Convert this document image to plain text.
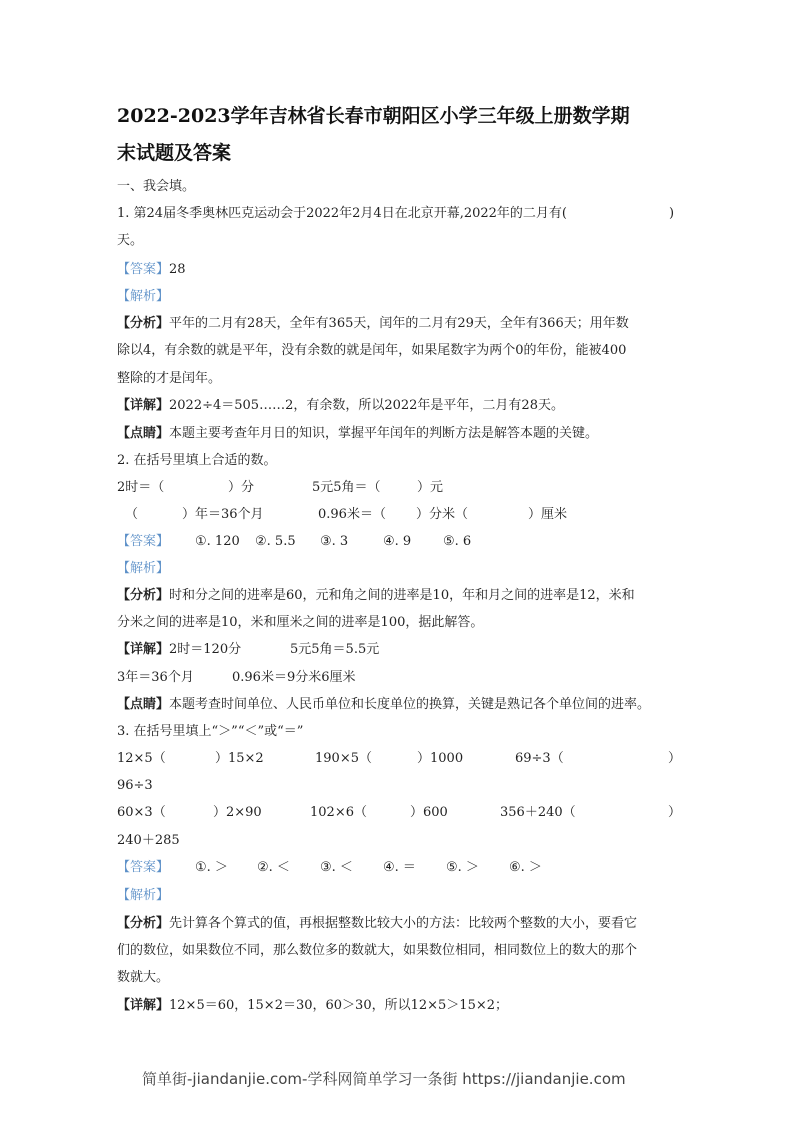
2022-2023学年吉林省长春市朝阳区小学三年级上册数学期
末试题及答案
一、我会填。
1. 第24届冬季奥林匹克运动会于2022年2月4日在北京开幕,2022年的二月有(	)
天。
【答案】28
【解析】
【分析】平年的二月有28天，全年有365天，闰年的二月有29天，全年有366天；用年数
除以4，有余数的就是平年，没有余数的就是闰年，如果尾数字为两个0的年份，能被400
整除的才是闰年。
【详解】2022÷4＝505……2，有余数，所以2022年是平年，二月有28天。
【点睛】本题主要考查年月日的知识，掌握平年闰年的判断方法是解答本题的关键。
2. 在括号里填上合适的数。
2时＝（	）分	5元5角＝（	）元
（	）年＝36个月	0.96米＝（ ）分米（	）厘米
【答案】 ①. 120 ②. 5.5 ③. 3	④. 9 ⑤. 6
【解析】
【分析】时和分之间的进率是60，元和角之间的进率是10，年和月之间的进率是12，米和
分米之间的进率是10，米和厘米之间的进率是100，据此解答。
【详解】2时＝120分	5元5角＝5.5元
3年＝36个月	0.96米＝9分米6厘米
【点睛】本题考查时间单位、人民币单位和长度单位的换算，关键是熟记各个单位间的进率。
3. 在括号里填上“＞”“＜”或“＝”
12×5（	）15×2	190×5（	）1000	69÷3（	）
96÷3
60×3（	）2×90	102×6（	）600	356＋240（	）
240＋285
【答案】 ①. ＞ ②. ＜ ③. ＜ ④. ＝ ⑤. ＞ ⑥. ＞
【解析】
【分析】先计算各个算式的值，再根据整数比较大小的方法：比较两个整数的大小，要看它
们的数位，如果数位不同，那么数位多的数就大，如果数位相同，相同数位上的数大的那个
数就大。
【详解】12×5＝60，15×2＝30，60＞30，所以12×5＞15×2；
简单街-jiandanjie.com-学科网简单学习一条街 https://jiandanjie.com
